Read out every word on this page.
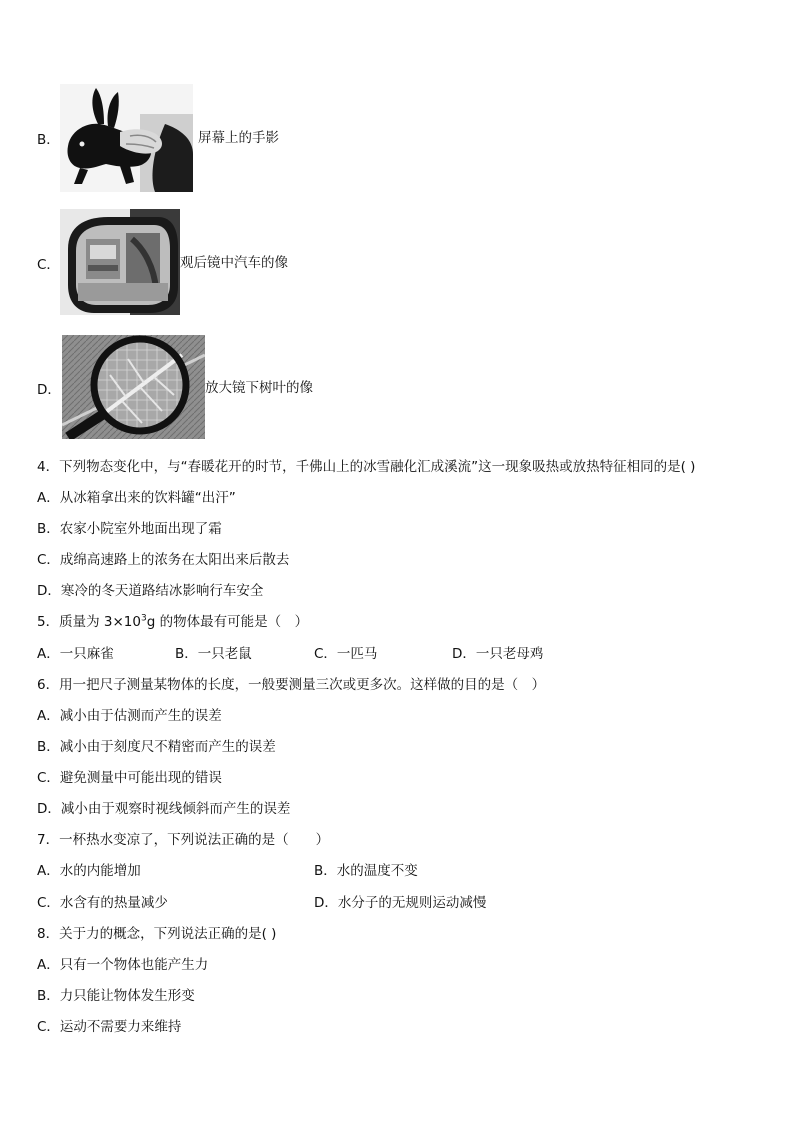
B．	屏幕上的手影
C．	观后镜中汽车的像
D．	放大镜下树叶的像
4．下列物态变化中，与“春暖花开的时节，千佛山上的冰雪融化汇成溪流”这一现象吸热或放热特征相同的是( )
A．从冰箱拿出来的饮料罐“出汗”
B．农家小院室外地面出现了霜
C．成绵高速路上的浓务在太阳出来后散去
D．寒冷的冬天道路结冰影响行车安全
5．质量为 $3\times 10^3g$ 的物体最有可能是（　）
A．一只麻雀	B．一只老鼠	C．一匹马	D．一只老母鸡
6．用一把尺子测量某物体的长度，一般要测量三次或更多次。这样做的目的是（　）
A．减小由于估测而产生的误差
B．减小由于刻度尺不精密而产生的误差
C．避免测量中可能出现的错误
D．减小由于观察时视线倾斜而产生的误差
7．一杯热水变凉了，下列说法正确的是（　　）
A．水的内能增加	B．水的温度不变
C．水含有的热量减少	D．水分子的无规则运动减慢
8．关于力的概念，下列说法正确的是( )
A．只有一个物体也能产生力
B．力只能让物体发生形变
C．运动不需要力来维持
